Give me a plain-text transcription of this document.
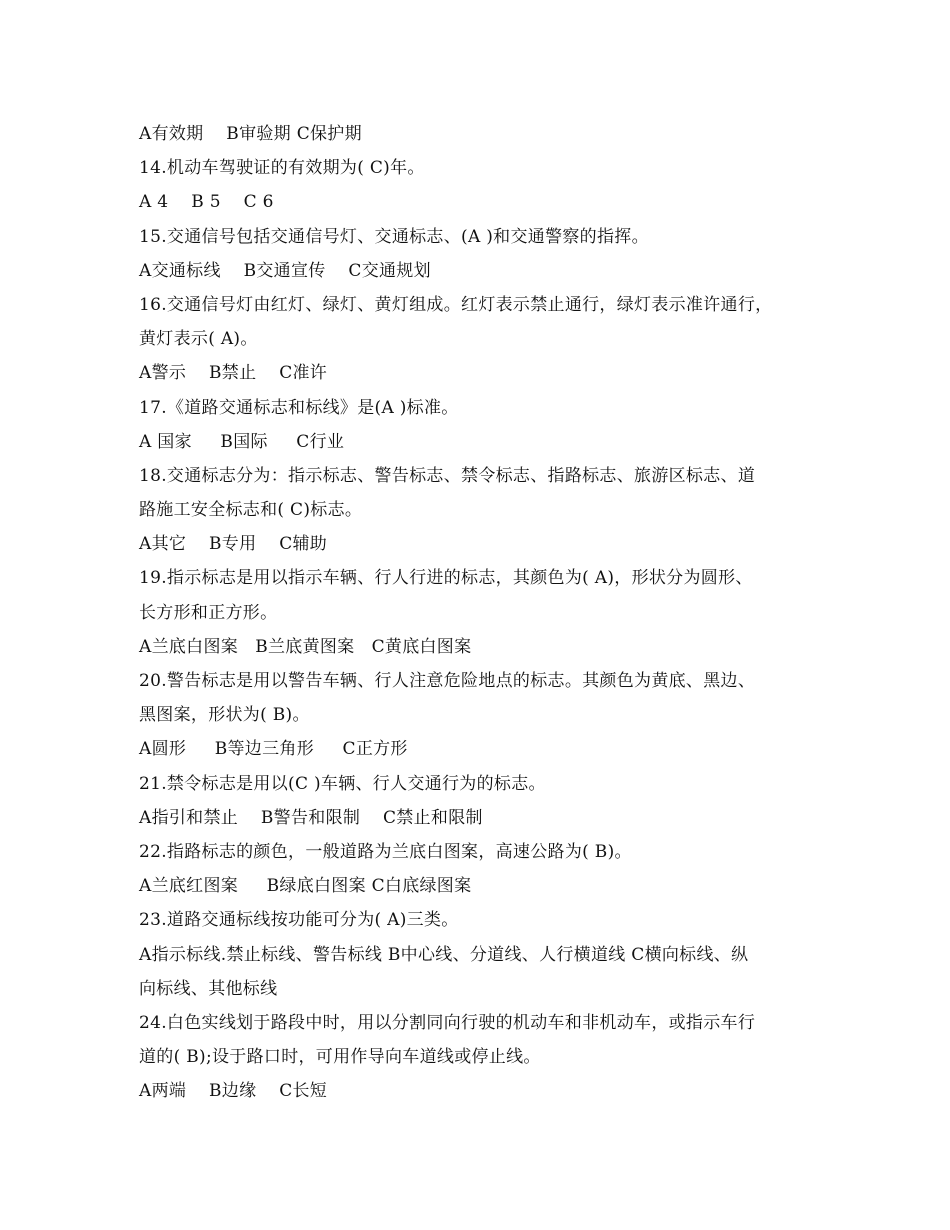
A有效期    B审验期 C保护期
14.机动车驾驶证的有效期为( C)年。
A 4    B 5    C 6
15.交通信号包括交通信号灯、交通标志、(A )和交通警察的指挥。
A交通标线    B交通宣传    C交通规划
16.交通信号灯由红灯、绿灯、黄灯组成。红灯表示禁止通行，绿灯表示准许通行，
黄灯表示( A)。
A警示    B禁止    C准许
17.《道路交通标志和标线》是(A )标准。
A 国家     B国际     C行业
18.交通标志分为：指示标志、警告标志、禁令标志、指路标志、旅游区标志、道
路施工安全标志和( C)标志。
A其它    B专用    C辅助
19.指示标志是用以指示车辆、行人行进的标志，其颜色为( A)，形状分为圆形、
长方形和正方形。
A兰底白图案   B兰底黄图案   C黄底白图案
20.警告标志是用以警告车辆、行人注意危险地点的标志。其颜色为黄底、黑边、
黑图案，形状为( B)。
A圆形     B等边三角形     C正方形
21.禁令标志是用以(C )车辆、行人交通行为的标志。
A指引和禁止    B警告和限制    C禁止和限制
22.指路标志的颜色，一般道路为兰底白图案，高速公路为( B)。
A兰底红图案     B绿底白图案 C白底绿图案
23.道路交通标线按功能可分为( A)三类。
A指示标线.禁止标线、警告标线 B中心线、分道线、人行横道线 C横向标线、纵
向标线、其他标线
24.白色实线划于路段中时，用以分割同向行驶的机动车和非机动车，或指示车行
道的( B);设于路口时，可用作导向车道线或停止线。
A两端    B边缘    C长短
